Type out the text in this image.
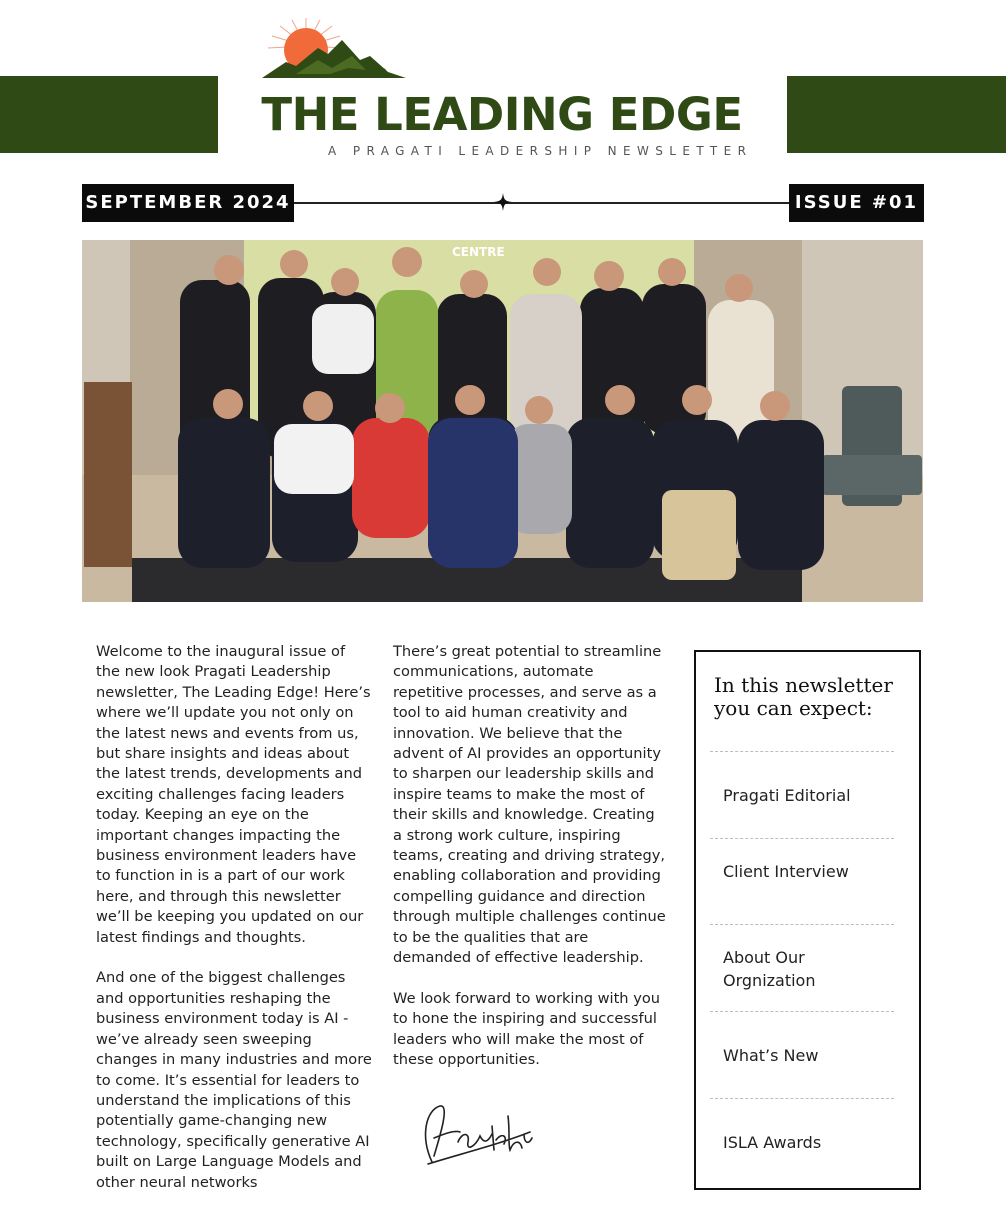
THE LEADING EDGE
A PRAGATI LEADERSHIP NEWSLETTER
SEPTEMBER 2024	ISSUE #01
CENTRE

Welcome to the inaugural issue of the new look Pragati Leadership newsletter, The Leading Edge! Here’s where we’ll update you not only on the latest news and events from us, but share insights and ideas about the latest trends, developments and exciting challenges facing leaders today. Keeping an eye on the important changes impacting the business environment leaders have to function in is a part of our work here, and through this newsletter we’ll be keeping you updated on our latest findings and thoughts.

And one of the biggest challenges and opportunities reshaping the business environment today is AI - we’ve already seen sweeping changes in many industries and more to come. It’s essential for leaders to understand the implications of this potentially game-changing new technology, specifically generative AI built on Large Language Models and other neural networks

There’s great potential to streamline communications, automate repetitive processes, and serve as a tool to aid human creativity and innovation. We believe that the advent of AI provides an opportunity to sharpen our leadership skills and inspire teams to make the most of their skills and knowledge. Creating a strong work culture, inspiring teams, creating and driving strategy, enabling collaboration and providing compelling guidance and direction through multiple challenges continue to be the qualities that are demanded of effective leadership.

We look forward to working with you to hone the inspiring and successful leaders who will make the most of these opportunities.

In this newsletter you can expect:
Pragati Editorial
Client Interview
About Our Orgnization
What’s New
ISLA Awards
